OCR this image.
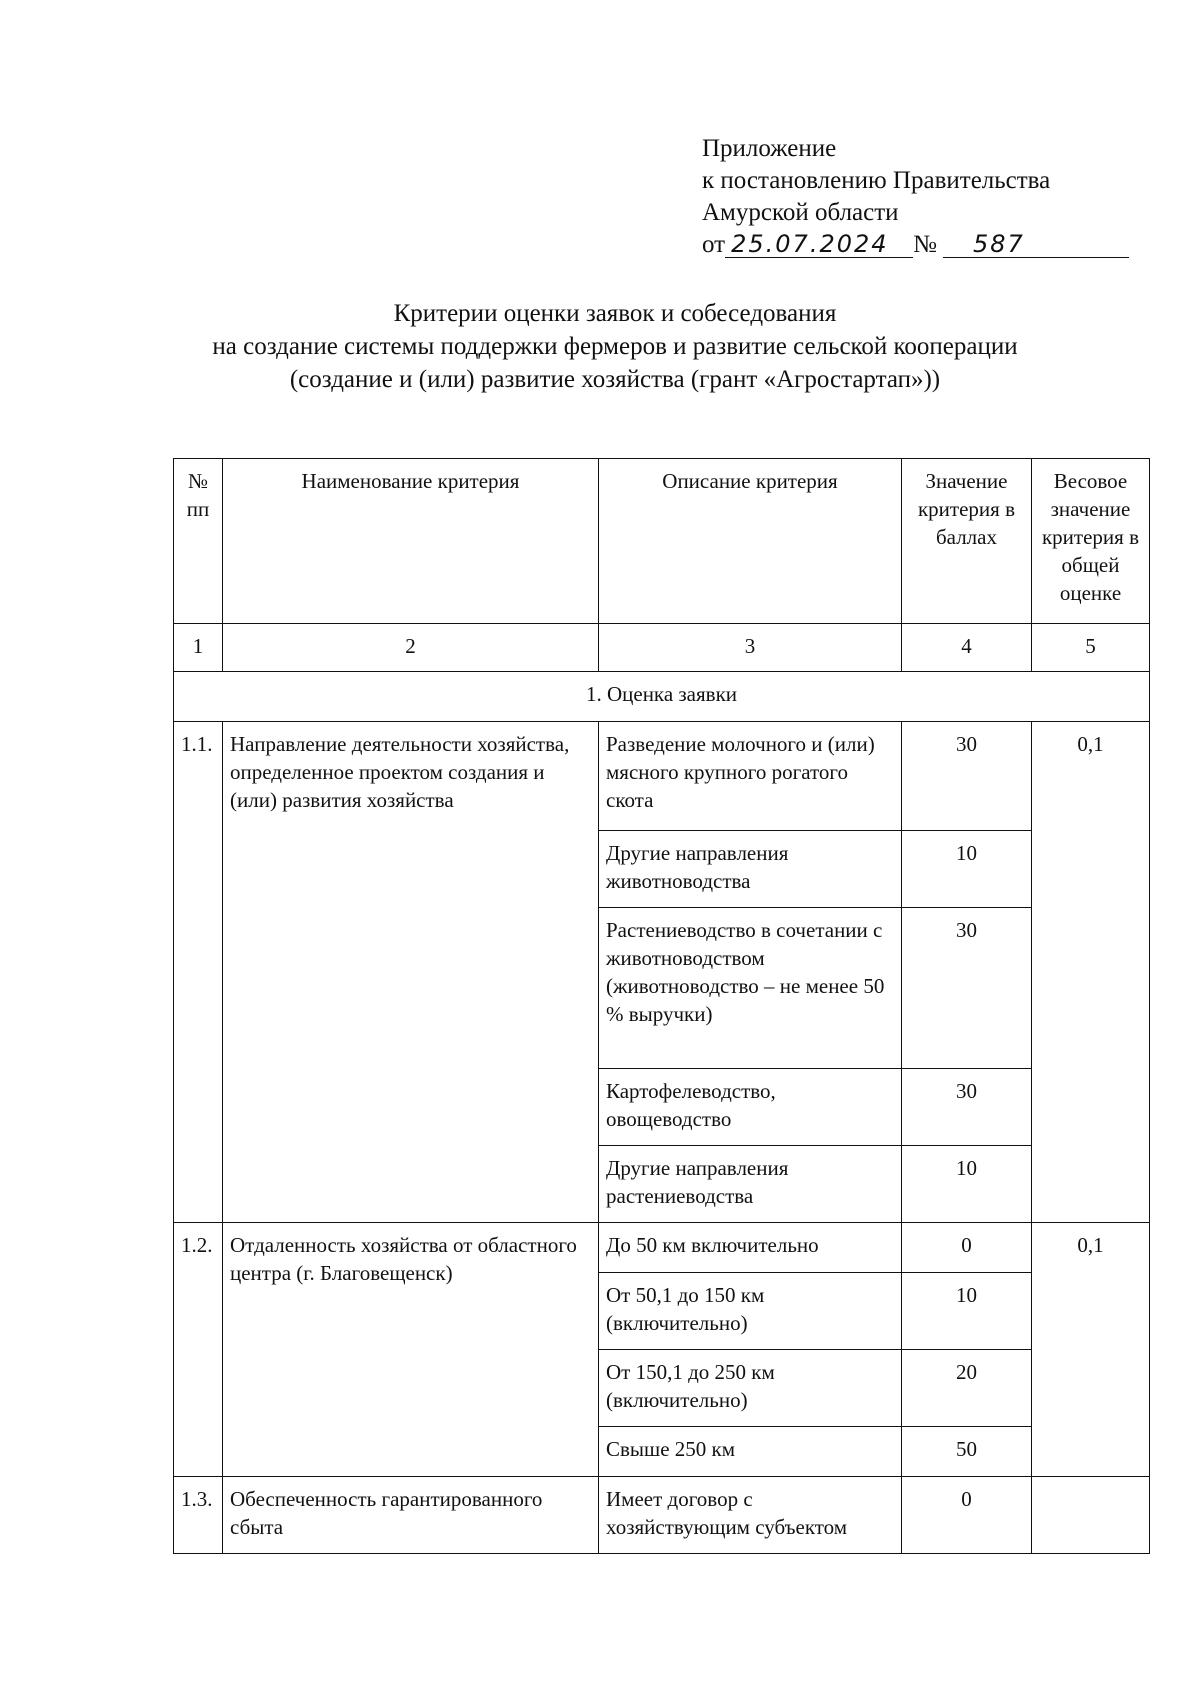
Приложение
к постановлению Правительства
Амурской области
от 25.07.2024 № 587
Критерии оценки заявок и собеседования
на создание системы поддержки фермеров и развитие сельской кооперации
(создание и (или) развитие хозяйства (грант «Агростартап»))
№ пп	Наименование критерия	Описание критерия	Значение критерия в баллах	Весовое значение критерия в общей оценке
1	2	3	4	5
1. Оценка заявки				
1.1.	Направление деятельности хозяйства, определенное проектом создания и (или) развития хозяйства	Разведение молочного и (или) мясного крупного рогатого скота	30	0,1
		Другие направления животноводства	10	
		Растениеводство в сочетании с животноводством (животноводство – не менее 50 % выручки)	30	
		Картофелеводство, овощеводство	30	
		Другие направления растениеводства	10	
1.2.	Отдаленность хозяйства от областного центра (г. Благовещенск)	До 50 км включительно	0	0,1
		От 50,1 до 150 км (включительно)	10	
		От 150,1 до 250 км (включительно)	20	
		Свыше 250 км	50	
1.3.	Обеспеченность гарантированного сбыта	Имеет договор с хозяйствующим субъектом	0	
